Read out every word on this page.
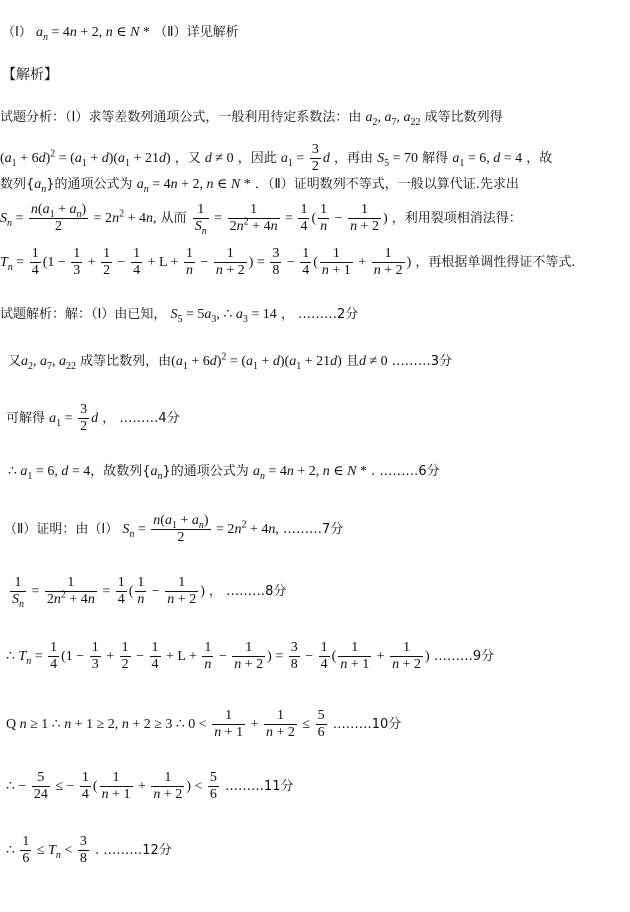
（Ⅰ） $a_n = 4n + 2$, n ∈ N * （Ⅱ）详见解析
【解析】
试题分析：（Ⅰ）求等差数列通项公式，一般利用待定系数法：由 $a_2$, $a_7$, $a_{22}$ 成等比数列得
$(a_1 + 6d)^2 = (a_1 + d)(a_1 + 21d)$ ，又 d ≠ 0 ，因此 $a_1 = \frac{3}{2}$ d ，再由 $S_5 = 70$ 解得 $a_1 = 6$, d = 4 ，故
数列$\{a_n\}$的通项公式为 $a_n = 4n + 2$, n ∈ N * ．（Ⅱ）证明数列不等式，一般以算代证.先求出
$S_n = \frac{n(a_1 + a_n)}{2} = 2n^2 + 4n$, 从而 $\frac{1}{S_n} = \frac{1}{2n^2 + 4n} = \frac{1}{4}$ ( $\frac{1}{n} - \frac{1}{n + 2}$ ) ，利用裂项相消法得：
$T_n = \frac{1}{4} (1 - \frac{1}{3} + \frac{1}{2} - \frac{1}{4} + L + \frac{1}{n} - \frac{1}{n + 2}$ ) = $\frac{3}{8} - \frac{1}{4}$ ( $\frac{1}{n + 1} + \frac{1}{n + 2}$ ) ，再根据单调性得证不等式.
试题解析：解：（Ⅰ）由已知， $S_5 = 5a_3$, ∴ $a_3 = 14$ ， ………2分
又$a_2$, $a_7$, $a_{22}$ 成等比数列，由$(a_1 + 6d)^2 = (a_1 + d)(a_1 + 21d)$ 且d ≠ 0 ………3分
可解得 $a_1 = \frac{3}{2}$ d ， ………4分
∴ $a_1 = 6$, d = 4，故数列$\{a_n\}$的通项公式为 $a_n = 4n + 2$, n ∈ N * . ………6分
（Ⅱ）证明：由（Ⅰ） $S_n = \frac{n(a_1 + a_n)}{2} = 2n^2 + 4n$, ………7分
$\frac{1}{S_n} = \frac{1}{2n^2 + 4n} = \frac{1}{4}$ ( $\frac{1}{n} - \frac{1}{n + 2}$ ) ， ………8分
∴ $T_n = \frac{1}{4} (1 - \frac{1}{3} + \frac{1}{2} - \frac{1}{4} + L + \frac{1}{n} - \frac{1}{n + 2}$ ) = $\frac{3}{8} - \frac{1}{4}$ ( $\frac{1}{n + 1} + \frac{1}{n + 2}$ ) ………9分
Q n ≥ 1 ∴ n + 1 ≥ 2, n + 2 ≥ 3 ∴ $0 < \frac{1}{n + 1} + \frac{1}{n + 2} \le \frac{5}{6}$ ………10分
∴ − $\frac{5}{24}$ ≤ − $\frac{1}{4}$ ( $\frac{1}{n + 1} + \frac{1}{n + 2}$ ) < $\frac{5}{6}$ ………11分
∴ $\frac{1}{6} \le T_n < \frac{3}{8}$ . ………12分
